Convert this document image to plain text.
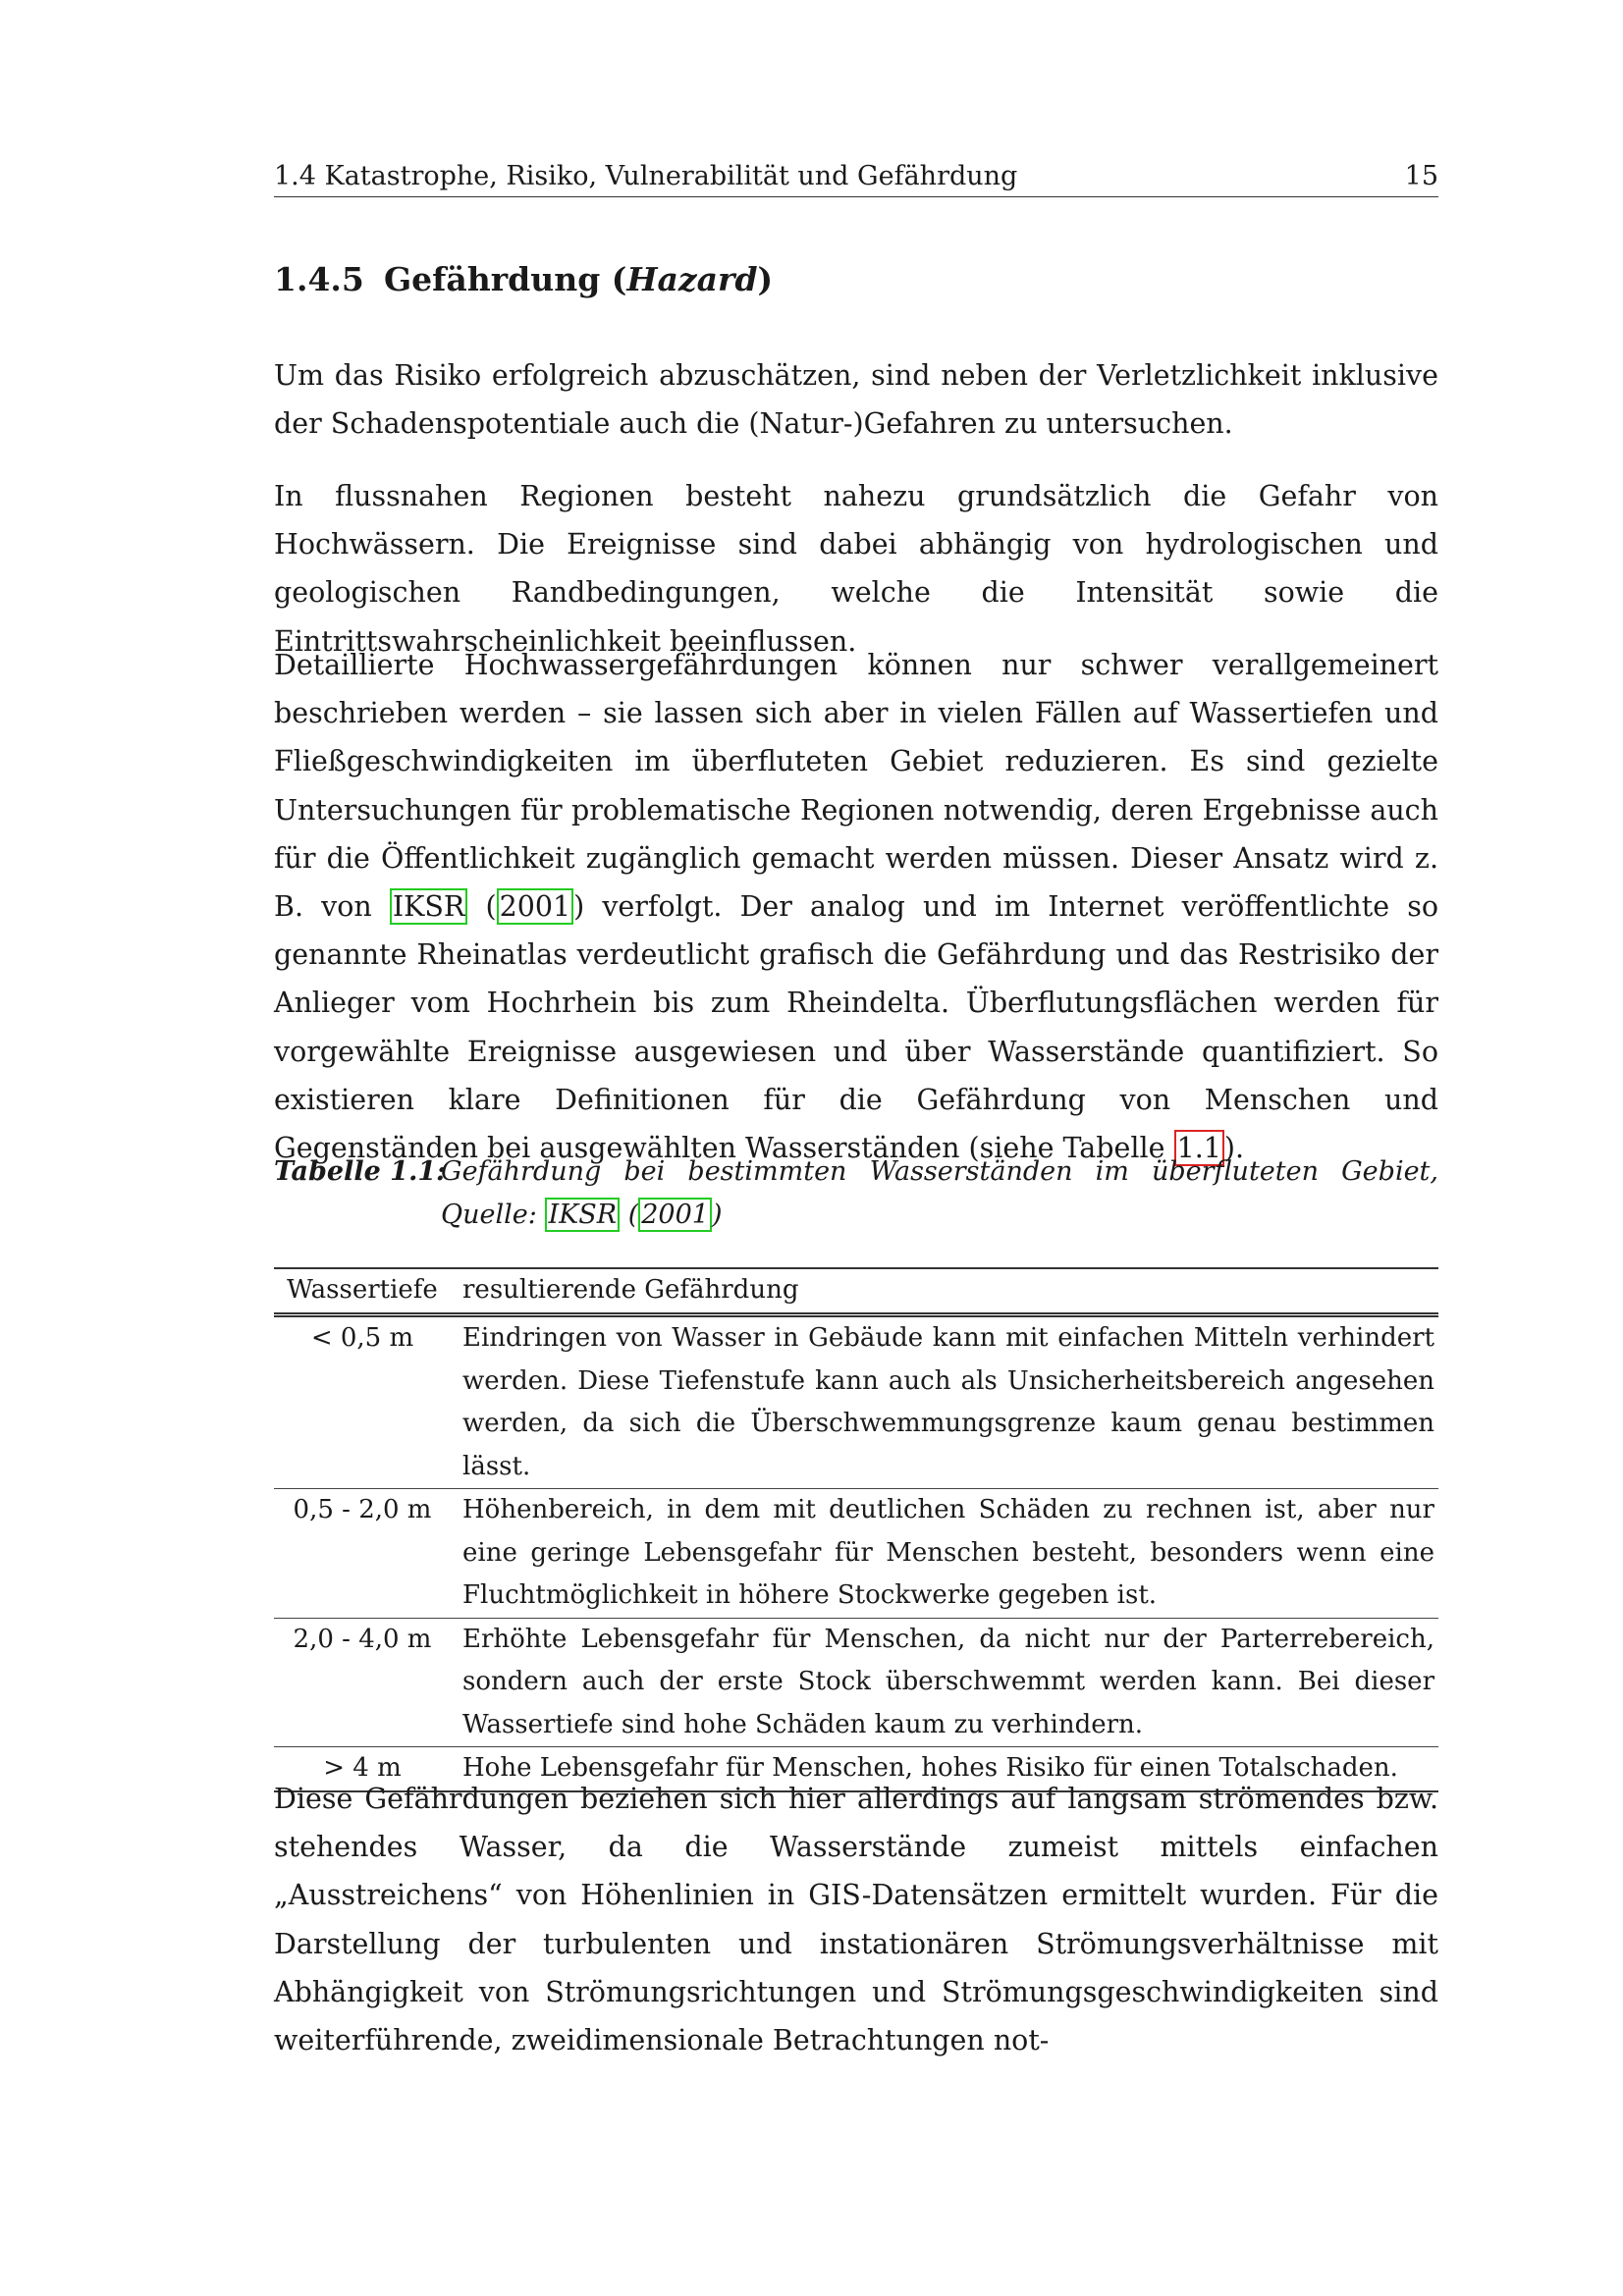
1.4 Katastrophe, Risiko, Vulnerabilität und Gefährdung	15
1.4.5 Gefährdung (Hazard)

Um das Risiko erfolgreich abzuschätzen, sind neben der Verletzlichkeit inklusive der Schadenspotentiale auch die (Natur-)Gefahren zu untersuchen.

In flussnahen Regionen besteht nahezu grundsätzlich die Gefahr von Hochwässern. Die Ereignisse sind dabei abhängig von hydrologischen und geologischen Randbedingungen, welche die Intensität sowie die Eintrittswahrscheinlichkeit beeinflussen.

Detaillierte Hochwassergefährdungen können nur schwer verallgemeinert beschrieben werden – sie lassen sich aber in vielen Fällen auf Wassertiefen und Fließgeschwindigkeiten im überfluteten Gebiet reduzieren. Es sind gezielte Untersuchungen für problematische Regionen notwendig, deren Ergebnisse auch für die Öffentlichkeit zugänglich gemacht werden müssen. Dieser Ansatz wird z. B. von IKSR ( 2001 ) verfolgt. Der analog und im Internet veröffentlichte so genannte Rheinatlas verdeutlicht grafisch die Gefährdung und das Restrisiko der Anlieger vom Hochrhein bis zum Rheindelta. Überflutungsflächen werden für vorgewählte Ereignisse ausgewiesen und über Wasserstände quantifiziert. So existieren klare Definitionen für die Gefährdung von Menschen und Gegenständen bei ausgewählten Wasserständen (siehe Tabelle 1.1 ).

Tabelle 1.1:
Gefährdung bei bestimmten Wasserständen im überfluteten Gebiet,
Quelle: IKSR ( 2001 )
Wassertiefe	resultierende Gefährdung
< 0,5 m	Eindringen von Wasser in Gebäude kann mit einfachen Mitteln verhindert werden. Diese Tiefenstufe kann auch als Unsicherheitsbereich angesehen werden, da sich die Überschwemmungsgrenze kaum genau bestimmen lässt.
0,5 - 2,0 m	Höhenbereich, in dem mit deutlichen Schäden zu rechnen ist, aber nur eine geringe Lebensgefahr für Menschen besteht, besonders wenn eine Fluchtmöglichkeit in höhere Stockwerke gegeben ist.
2,0 - 4,0 m	Erhöhte Lebensgefahr für Menschen, da nicht nur der Parterrebereich, sondern auch der erste Stock überschwemmt werden kann. Bei dieser Wassertiefe sind hohe Schäden kaum zu verhindern.
> 4 m	Hohe Lebensgefahr für Menschen, hohes Risiko für einen Totalschaden.

Diese Gefährdungen beziehen sich hier allerdings auf langsam strömendes bzw. stehendes Wasser, da die Wasserstände zumeist mittels einfachen „Ausstreichens“ von Höhenlinien in GIS-Datensätzen ermittelt wurden. Für die Darstellung der turbulenten und instationären Strömungsverhältnisse mit Abhängigkeit von Strömungsrichtungen und Strömungsgeschwindigkeiten sind weiterführende, zweidimensionale Betrachtungen not-
